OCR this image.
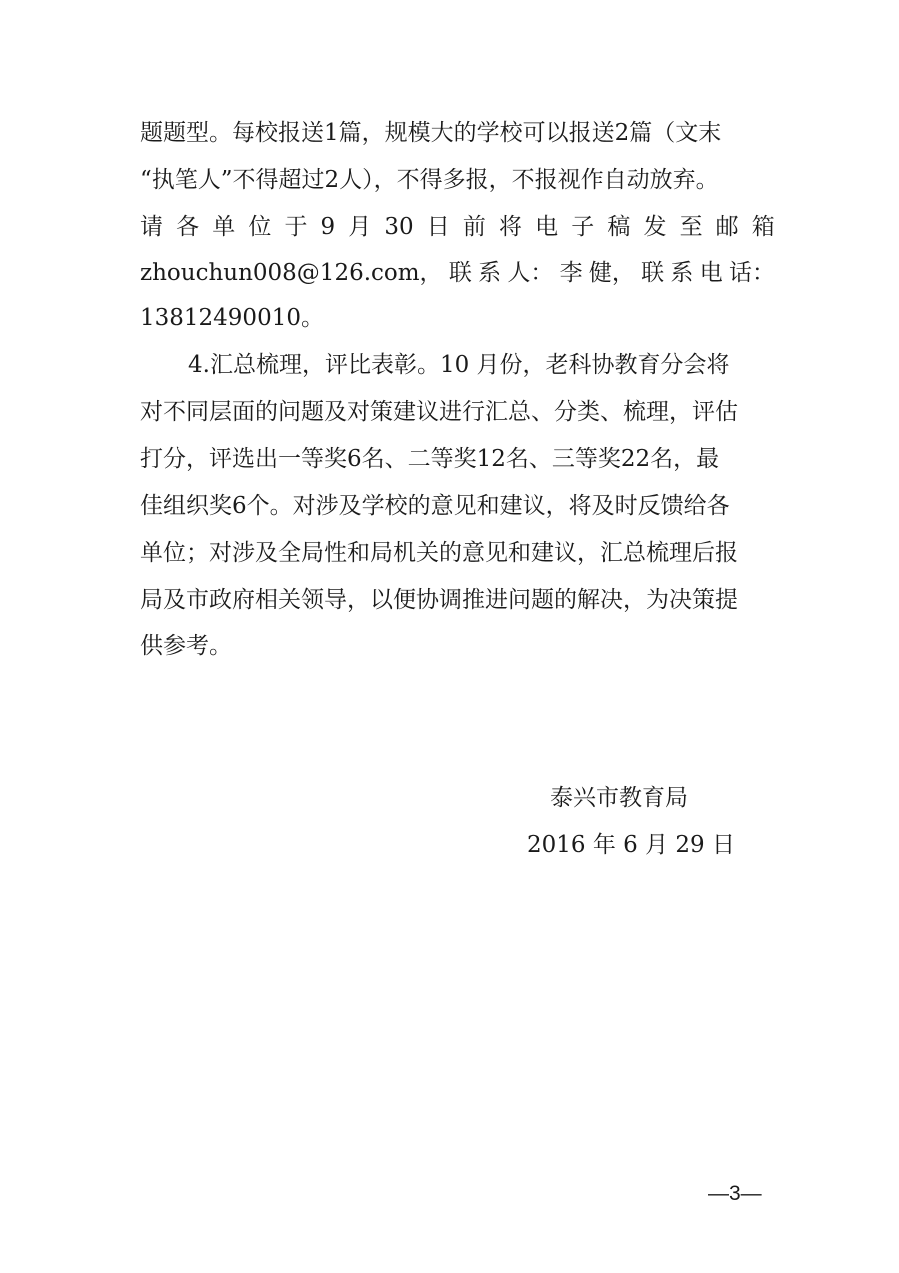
题题型。每校报送1篇，规模大的学校可以报送2篇（文末
“执笔人”不得超过2人），不得多报，不报视作自动放弃。
请 各 单 位 于 9 月 30 日 前 将 电 子 稿 发 至 邮 箱
zhouchun008@126.com， 联 系 人： 李 健， 联 系 电 话：
13812490010。
4.汇总梳理，评比表彰。10 月份，老科协教育分会将
对不同层面的问题及对策建议进行汇总、分类、梳理，评估
打分，评选出一等奖6名、二等奖12名、三等奖22名，最
佳组织奖6个。对涉及学校的意见和建议，将及时反馈给各
单位；对涉及全局性和局机关的意见和建议，汇总梳理后报
局及市政府相关领导，以便协调推进问题的解决，为决策提
供参考。
泰兴市教育局
2016 年 6 月 29 日
—3—
